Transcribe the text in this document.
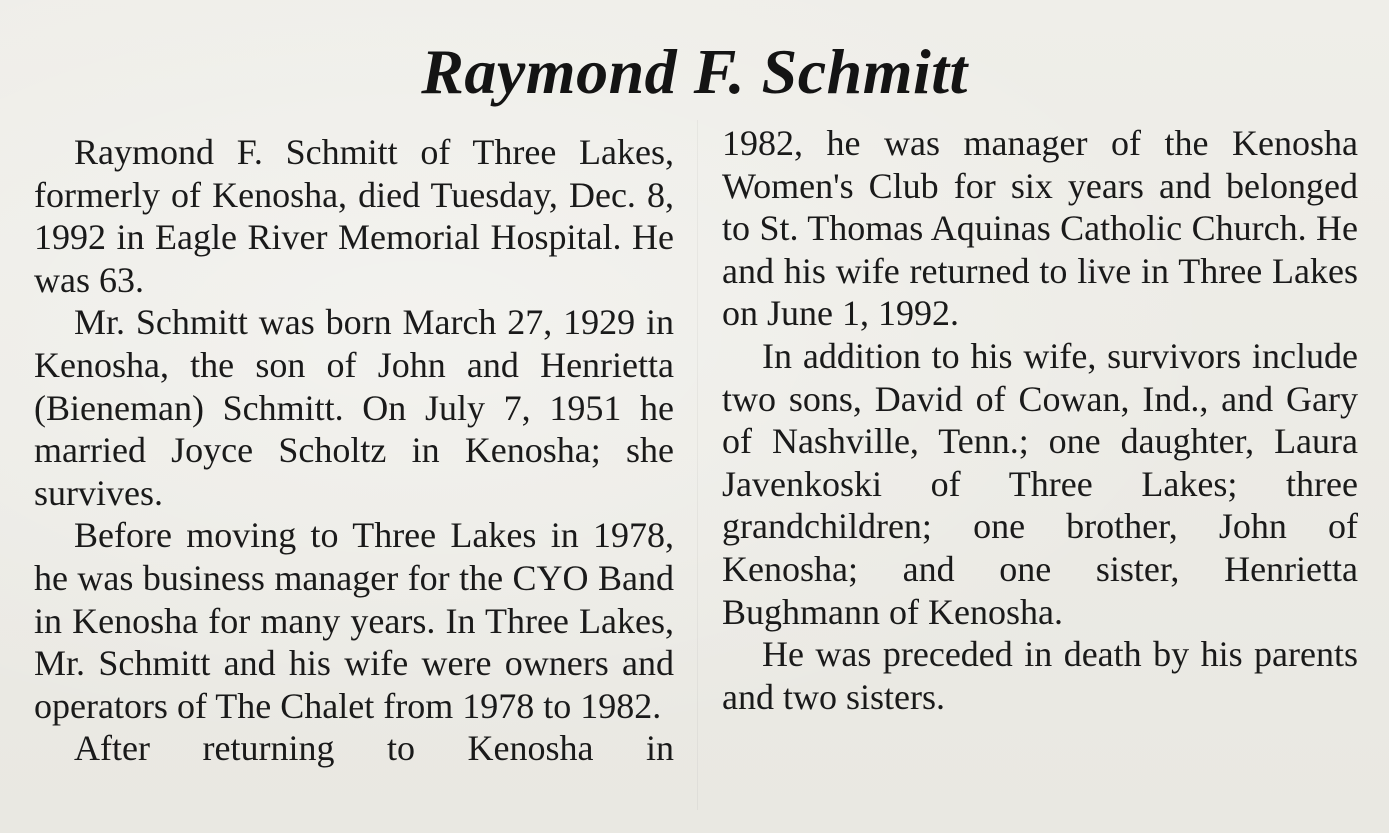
Raymond F. Schmitt

Raymond F. Schmitt of Three Lakes, formerly of Kenosha, died Tuesday, Dec. 8, 1992 in Eagle River Memorial Hospital. He was 63.

Mr. Schmitt was born March 27, 1929 in Kenosha, the son of John and Henrietta (Bieneman) Schmitt. On July 7, 1951 he married Joyce Scholtz in Kenosha; she survives.

Before moving to Three Lakes in 1978, he was business manager for the CYO Band in Kenosha for many years. In Three Lakes, Mr. Schmitt and his wife were owners and operators of The Chalet from 1978 to 1982.

After returning to Kenosha in

1982, he was manager of the Kenosha Women's Club for six years and belonged to St. Thomas Aquinas Catholic Church. He and his wife returned to live in Three Lakes on June 1, 1992.

In addition to his wife, survivors include two sons, David of Cowan, Ind., and Gary of Nashville, Tenn.; one daughter, Laura Javenkoski of Three Lakes; three grandchildren; one brother, John of Kenosha; and one sister, Henrietta Bughmann of Kenosha.

He was preceded in death by his parents and two sisters.
